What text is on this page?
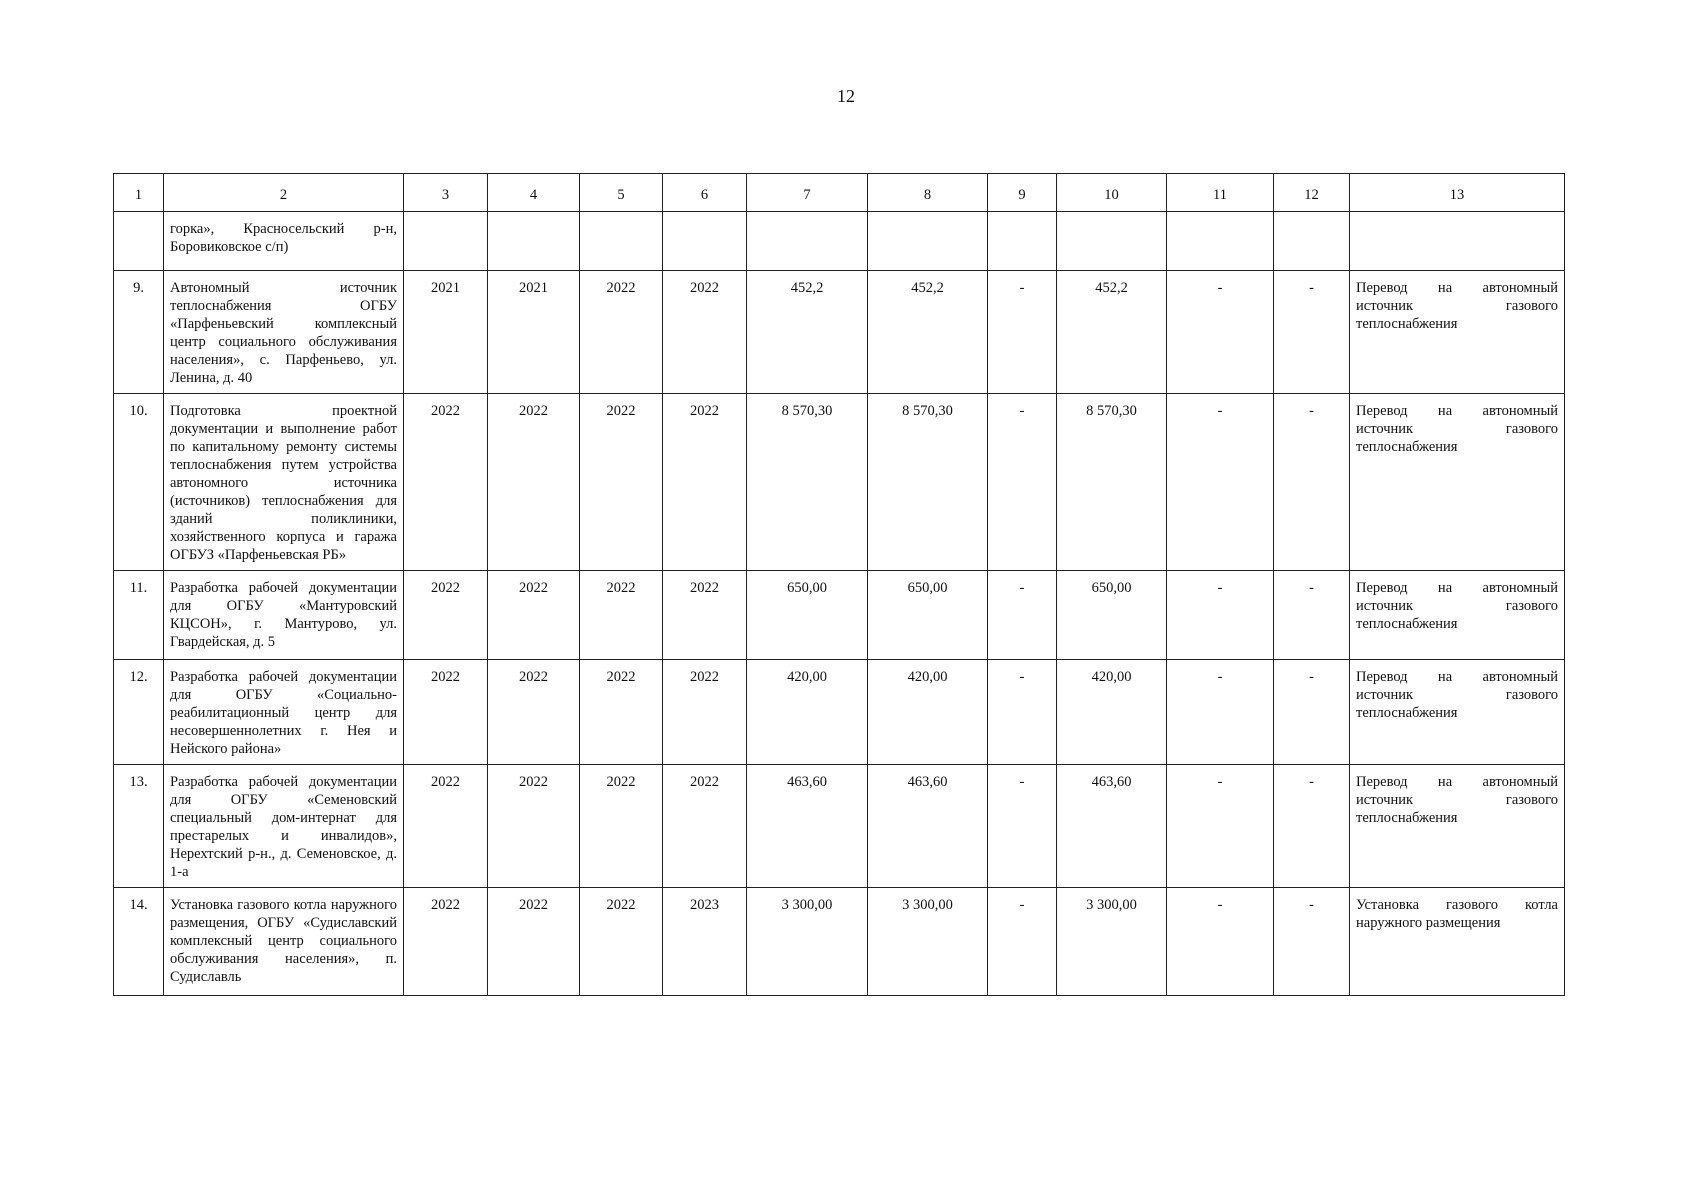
12
1	2	3	4	5	6	7	8	9	10	11	12	13
	горка», Красносельский р-н, Боровиковское с/п)											
9.	Автономный источник теплоснабжения ОГБУ «Парфеньевский комплексный центр социального обслуживания населения», с. Парфеньево, ул. Ленина, д. 40	2021	2021	2022	2022	452,2	452,2	-	452,2	-	-	Перевод на автономный источник газового теплоснабжения
10.	Подготовка проектной документации и выполнение работ по капитальному ремонту системы теплоснабжения путем устройства автономного источника (источников) теплоснабжения для зданий поликлиники, хозяйственного корпуса и гаража ОГБУЗ «Парфеньевская РБ»	2022	2022	2022	2022	8 570,30	8 570,30	-	8 570,30	-	-	Перевод на автономный источник газового теплоснабжения
11.	Разработка рабочей документации для ОГБУ «Мантуровский КЦСОН», г. Мантурово, ул. Гвардейская, д. 5	2022	2022	2022	2022	650,00	650,00	-	650,00	-	-	Перевод на автономный источник газового теплоснабжения
12.	Разработка рабочей документации для ОГБУ «Социально-реабилитационный центр для несовершеннолетних г. Нея и Нейского района»	2022	2022	2022	2022	420,00	420,00	-	420,00	-	-	Перевод на автономный источник газового теплоснабжения
13.	Разработка рабочей документации для ОГБУ «Семеновский специальный дом-интернат для престарелых и инвалидов», Нерехтский р-н., д. Семеновское, д. 1-а	2022	2022	2022	2022	463,60	463,60	-	463,60	-	-	Перевод на автономный источник газового теплоснабжения
14.	Установка газового котла наружного размещения, ОГБУ «Судиславский комплексный центр социального обслуживания населения», п. Судиславль	2022	2022	2022	2023	3 300,00	3 300,00	-	3 300,00	-	-	Установка газового котла наружного размещения
